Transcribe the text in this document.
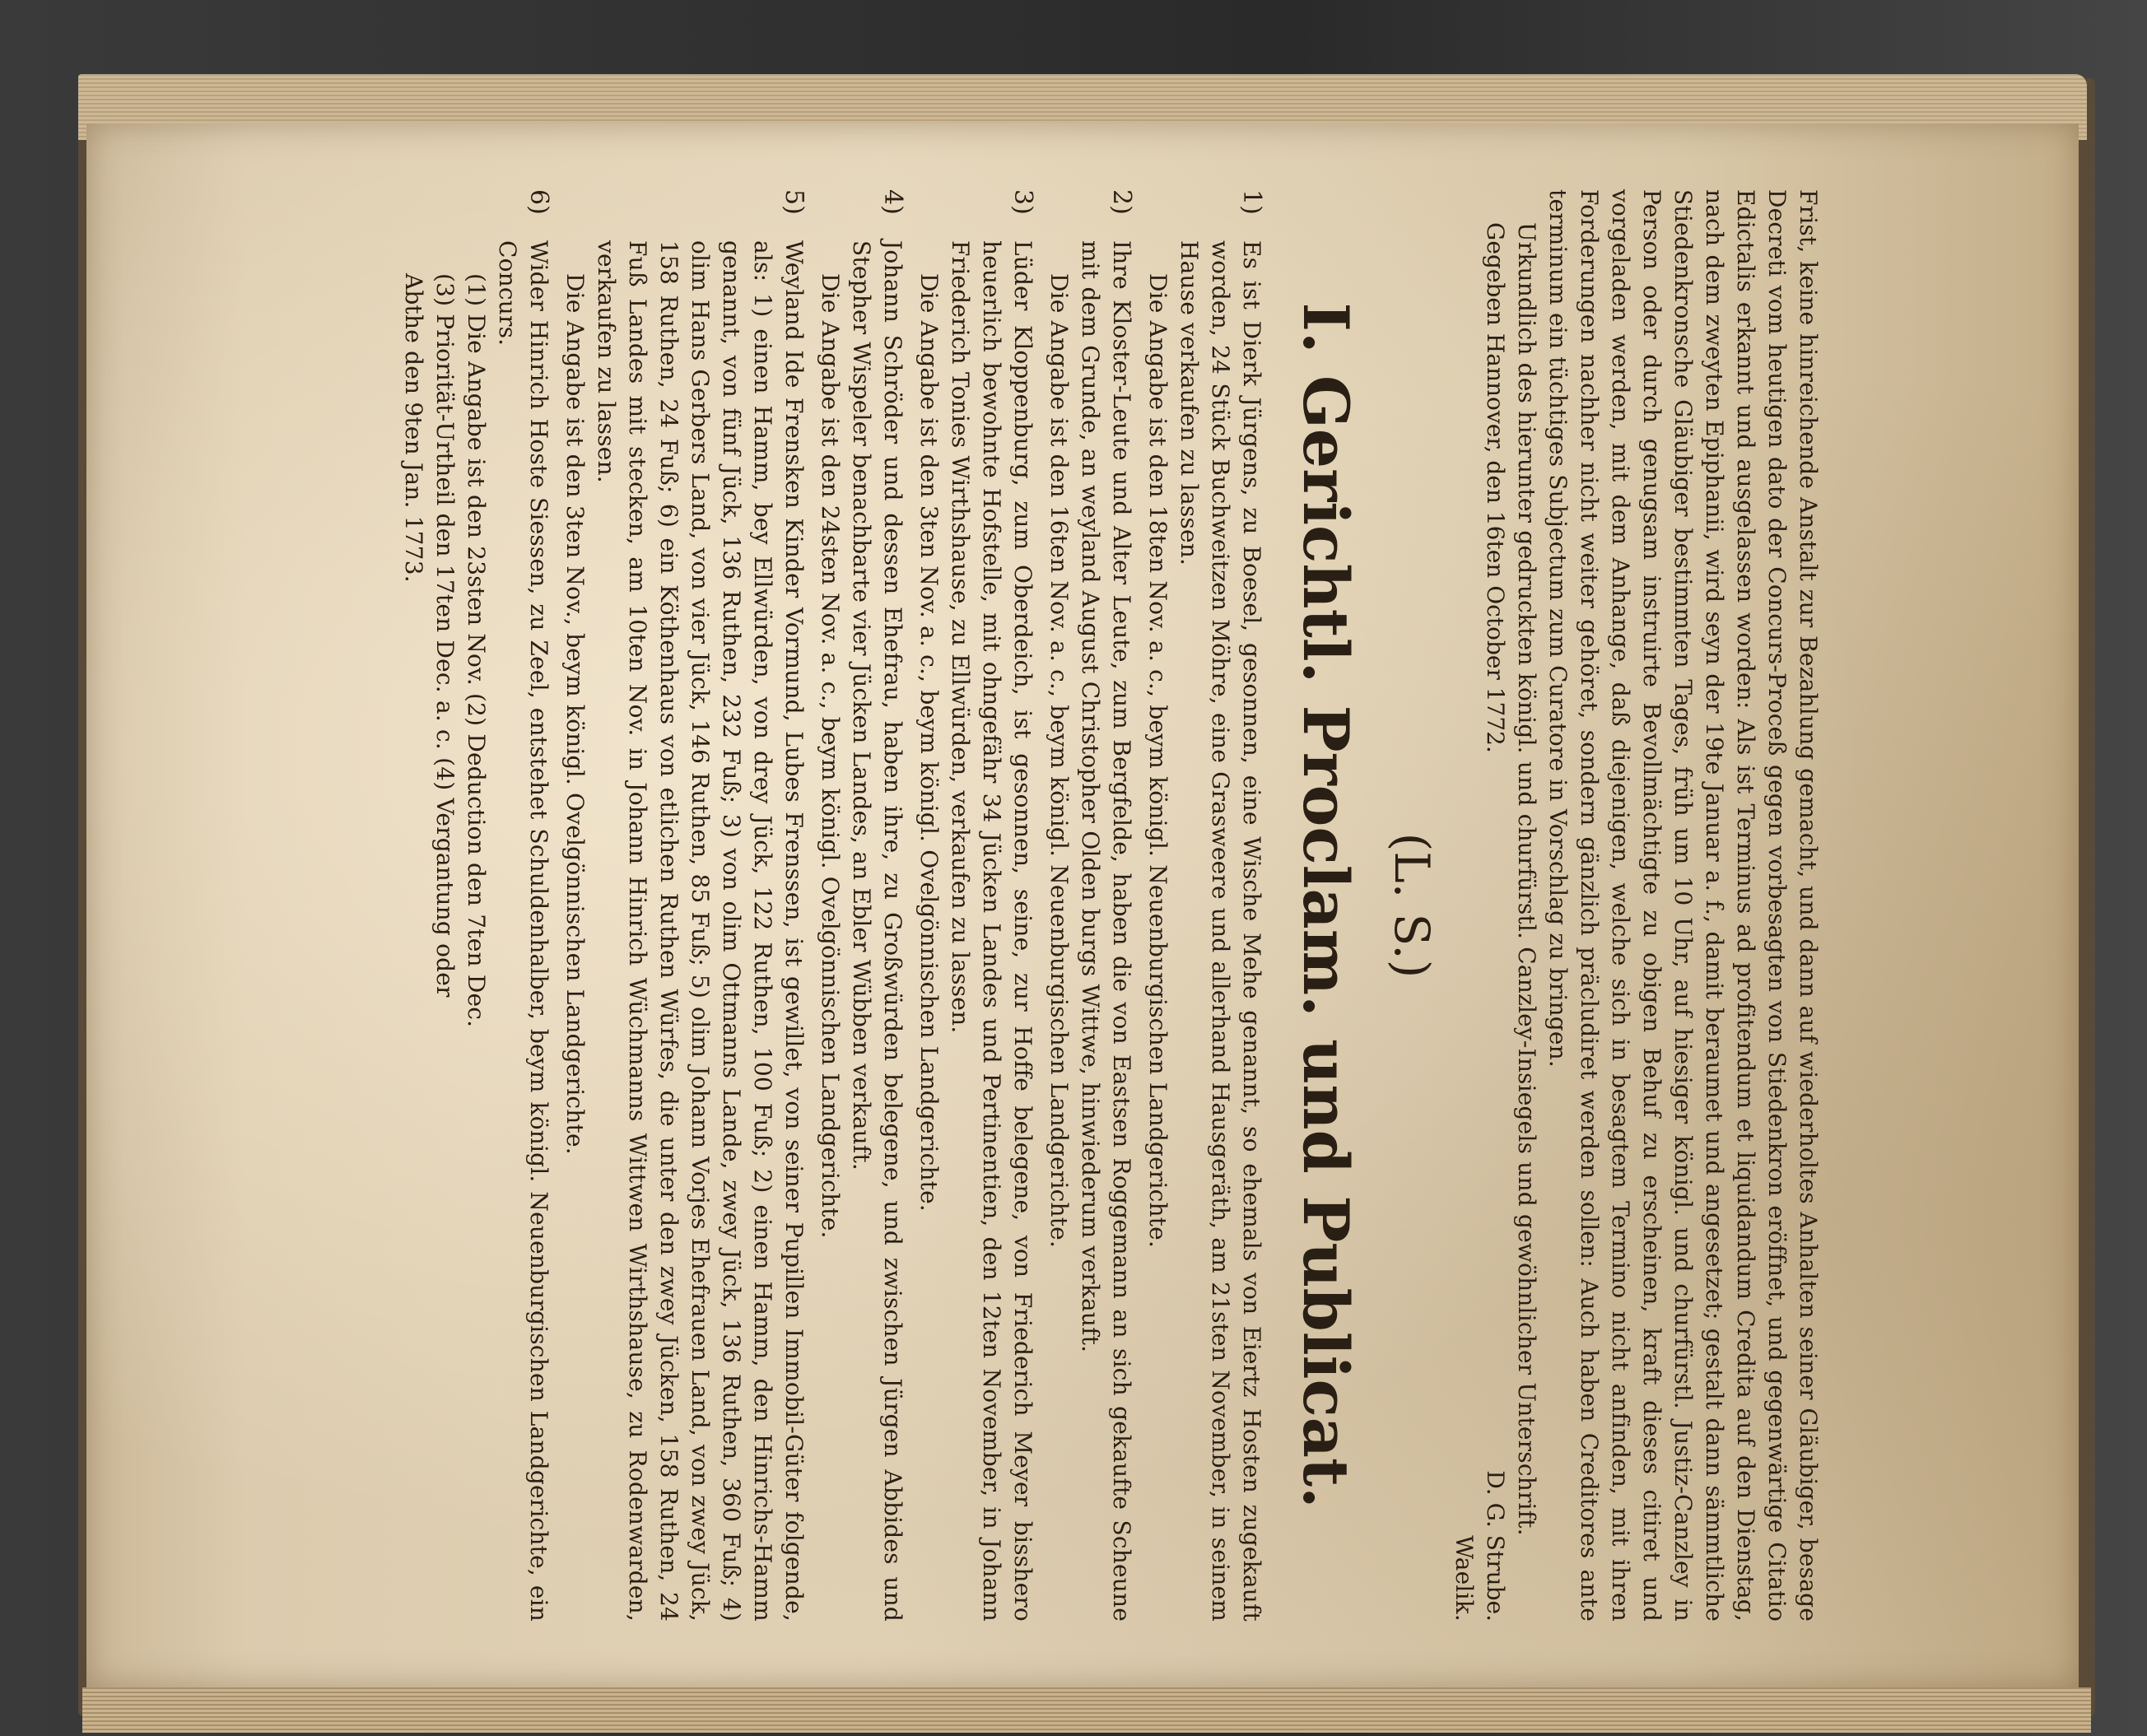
Frist, keine hinreichende Anstalt zur Bezahlung gemacht, und dann auf wiederholtes Anhalten seiner Gläubiger, besage Decreti vom heutigen dato der Concurs-Proceß gegen vorbesagten von Stiedenkron eröffnet, und gegenwärtige Citatio Edictalis erkannt und ausgelassen worden: Als ist Terminus ad profitendum et liquidandum Credita auf den Dienstag, nach dem zweyten Epiphanii, wird seyn der 19te Januar a. f., damit beraumet und angesetzet; gestalt dann sämmtliche Stiedenkronsche Gläubiger bestimmten Tages, früh um 10 Uhr, auf hiesiger königl. und churfürstl. Justiz-Canzley in Person oder durch genugsam instruirte Bevollmächtigte zu obigen Behuf zu erscheinen, kraft dieses citiret und vorgeladen werden, mit dem Anhange, daß diejenigen, welche sich in besagtem Termino nicht anfinden, mit ihren Forderungen nachher nicht weiter gehöret, sondern gänzlich präcludiret werden sollen: Auch haben Creditores ante terminum ein tüchtiges Subjectum zum Curatore in Vorschlag zu bringen.

Urkundlich des hierunter gedruckten königl. und churfürstl. Canzley-Insiegels und gewöhnlicher Unterschrift.

Gegeben Hannover, den 16ten October 1772.
D. G. Strube.
Waelik.
(L. S.)
I. Gerichtl. Proclam. und Publicat.
1)

Es ist Dierk Jürgens, zu Boesel, gesonnen, eine Wische Mehe genannt, so ehemals von Eiertz Hosten zugekauft worden, 24 Stück Buchweitzen Möhre, eine Grasweere und allerhand Hausgeräth, am 21sten November, in seinem Hause verkaufen zu lassen.

Die Angabe ist den 18ten Nov. a. c., beym königl. Neuenburgischen Landgerichte.

2)

Ihre Kloster-Leute und Alter Leute, zum Bergfelde, haben die von Eastsen Roggemann an sich gekaufte Scheune mit dem Grunde, an weyland August Christopher Olden burgs Wittwe, hinwiederum verkauft.

Die Angabe ist den 16ten Nov. a. c., beym königl. Neuenburgischen Landgerichte.

3)

Lüder Kloppenburg, zum Oberdeich, ist gesonnen, seine, zur Hoffe belegene, von Friederich Meyer bisshero heuerlich bewohnte Hofstelle, mit ohngefähr 34 Jücken Landes und Pertinentien, den 12ten November, in Johann Friederich Tonies Wirthshause, zu Ellwürden, verkaufen zu lassen.

Die Angabe ist den 3ten Nov. a. c., beym königl. Ovelgönnischen Landgerichte.

4)

Johann Schröder und dessen Ehefrau, haben ihre, zu Großwürden belegene, und zwischen Jürgen Abbides und Stepher Wispeler benachbarte vier Jücken Landes, an Ebler Wübben verkauft.

Die Angabe ist den 24sten Nov. a. c., beym königl. Ovelgönnischen Landgerichte.

5)

Weyland Ide Frensken Kinder Vormund, Lubes Frenssen, ist gewillet, von seiner Pupillen Immobil-Güter folgende, als: 1) einen Hamm, bey Ellwürden, von drey Jück, 122 Ruthen, 100 Fuß; 2) einen Hamm, den Hinrichs-Hamm genannt, von fünf Jück, 136 Ruthen, 232 Fuß; 3) von olim Ottmanns Lande, zwey Jück, 136 Ruthen, 360 Fuß; 4) olim Hans Gerbers Land, von vier Jück, 146 Ruthen, 85 Fuß; 5) olim Johann Vorjes Ehefrauen Land, von zwey Jück, 158 Ruthen, 24 Fuß; 6) ein Köthenhaus von etlichen Ruthen Würfes, die unter den zwey Jücken, 158 Ruthen, 24 Fuß Landes mit stecken, am 10ten Nov. in Johann Hinrich Wüchmanns Wittwen Wirthshause, zu Rodenwarden, verkaufen zu lassen.

Die Angabe ist den 3ten Nov., beym königl. Ovelgönnischen Landgerichte.

6)

Wider Hinrich Hoste Siessen, zu Zeel, entstehet Schuldenhalber, beym königl. Neuenburgischen Landgerichte, ein Concurs.

(1) Die Angabe ist den 23sten Nov. (2) Deduction den 7ten Dec.

(3) Priorität-Urtheil den 17ten Dec. a. c. (4) Vergantung oder

Abthe den 9ten Jan. 1773.
